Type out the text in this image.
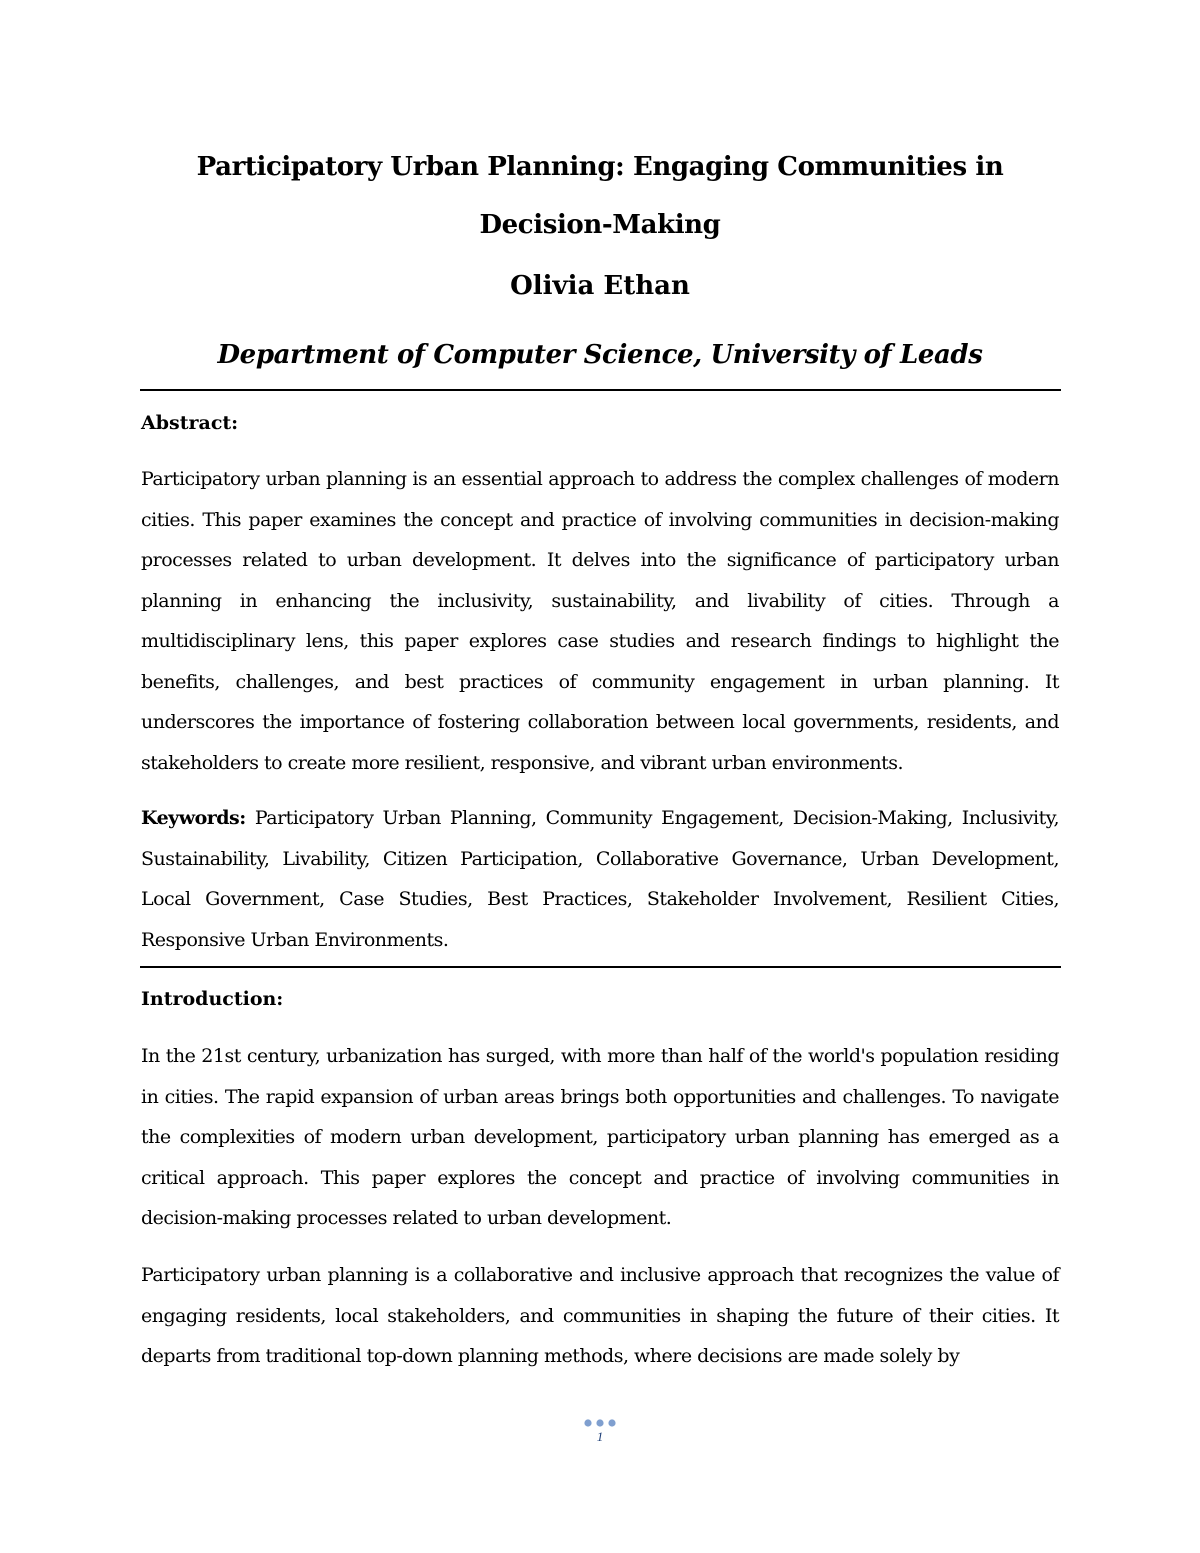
Participatory Urban Planning: Engaging Communities in Decision-Making
Olivia Ethan
Department of Computer Science, University of Leads
Abstract:
Participatory urban planning is an essential approach to address the complex challenges of modern cities. This paper examines the concept and practice of involving communities in decision-making processes related to urban development. It delves into the significance of participatory urban planning in enhancing the inclusivity, sustainability, and livability of cities. Through a multidisciplinary lens, this paper explores case studies and research findings to highlight the benefits, challenges, and best practices of community engagement in urban planning. It underscores the importance of fostering collaboration between local governments, residents, and stakeholders to create more resilient, responsive, and vibrant urban environments.
Keywords: Participatory Urban Planning, Community Engagement, Decision-Making, Inclusivity, Sustainability, Livability, Citizen Participation, Collaborative Governance, Urban Development, Local Government, Case Studies, Best Practices, Stakeholder Involvement, Resilient Cities, Responsive Urban Environments.
Introduction:
In the 21st century, urbanization has surged, with more than half of the world's population residing in cities. The rapid expansion of urban areas brings both opportunities and challenges. To navigate the complexities of modern urban development, participatory urban planning has emerged as a critical approach. This paper explores the concept and practice of involving communities in decision-making processes related to urban development.
Participatory urban planning is a collaborative and inclusive approach that recognizes the value of engaging residents, local stakeholders, and communities in shaping the future of their cities. It departs from traditional top-down planning methods, where decisions are made solely by
1
